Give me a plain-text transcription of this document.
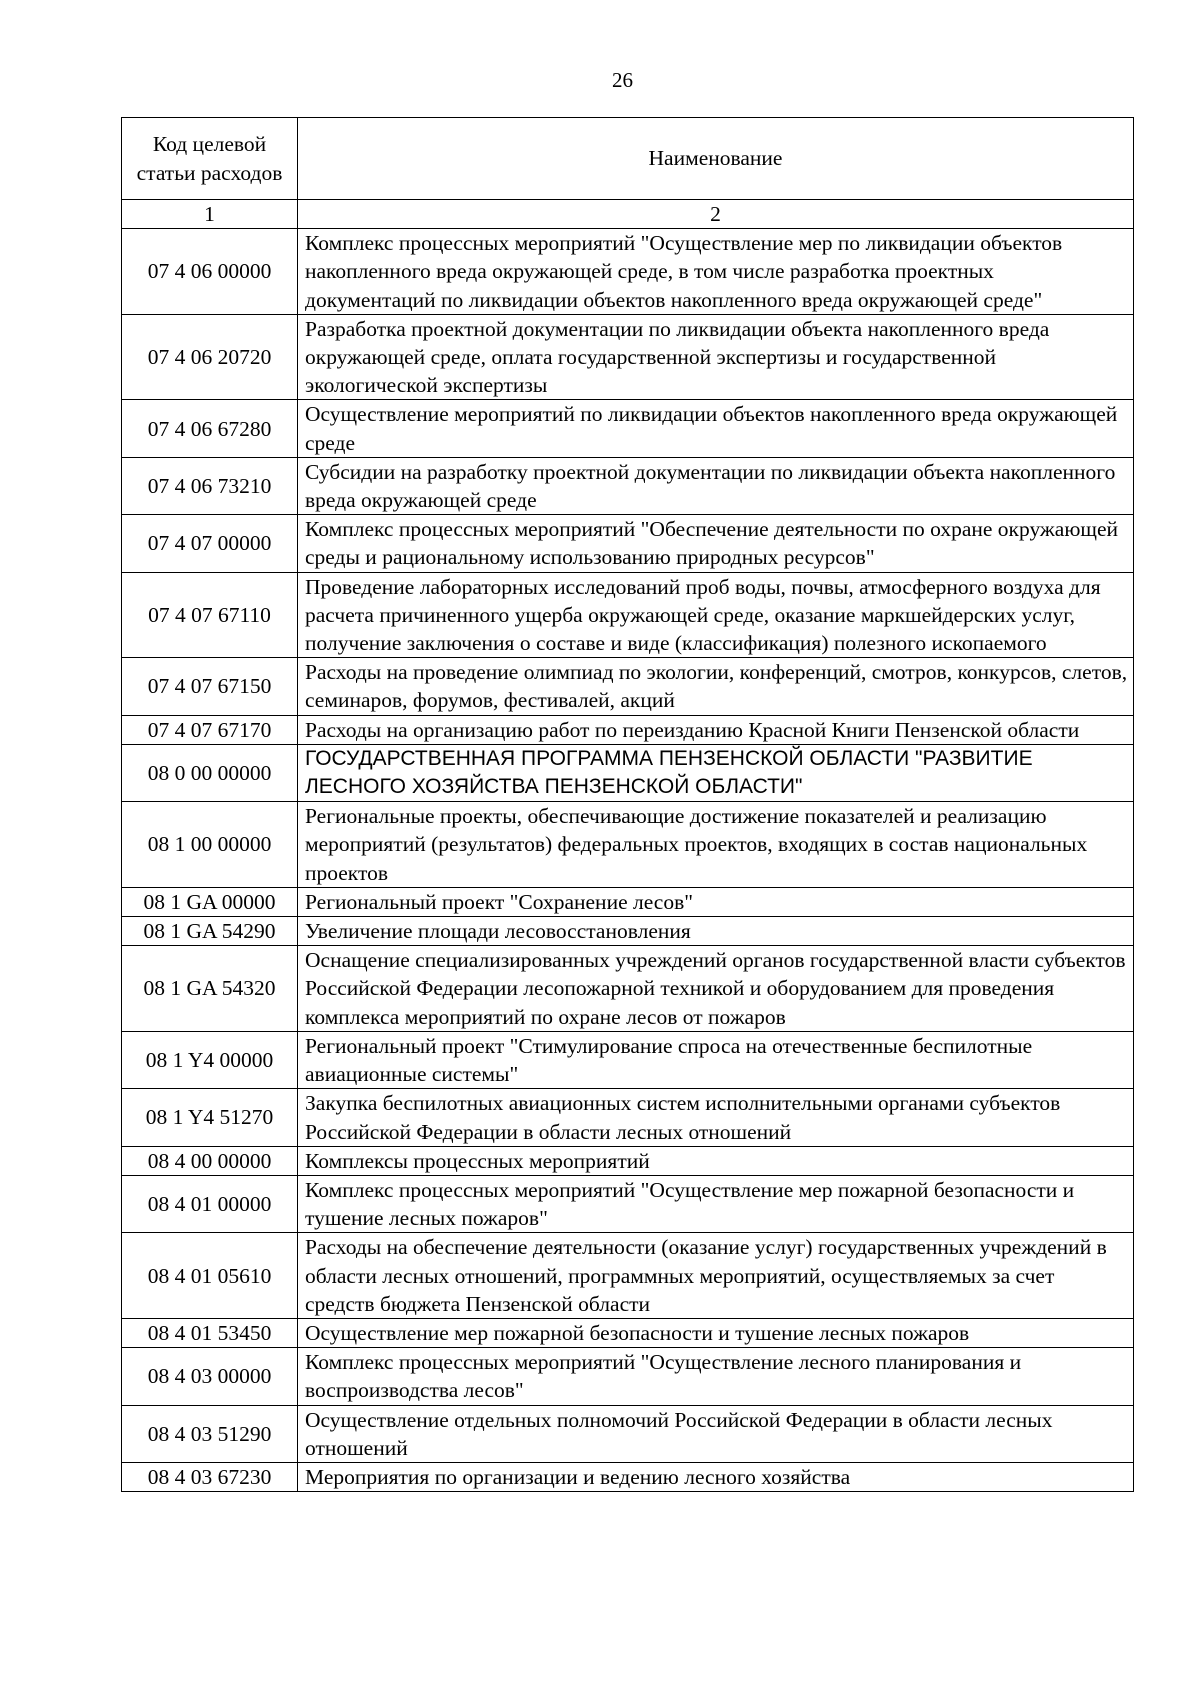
26
Код целевой статьи расходов	Наименование
1	2
07 4 06 00000	Комплекс процессных мероприятий "Осуществление мер по ликвидации объектов накопленного вреда окружающей среде, в том числе разработка проектных документаций по ликвидации объектов накопленного вреда окружающей среде"
07 4 06 20720	Разработка проектной документации по ликвидации объекта накопленного вреда окружающей среде, оплата государственной экспертизы и государственной экологической экспертизы
07 4 06 67280	Осуществление мероприятий по ликвидации объектов накопленного вреда окружающей среде
07 4 06 73210	Субсидии на разработку проектной документации по ликвидации объекта накопленного вреда окружающей среде
07 4 07 00000	Комплекс процессных мероприятий "Обеспечение деятельности по охране окружающей среды и рациональному использованию природных ресурсов"
07 4 07 67110	Проведение лабораторных исследований проб воды, почвы, атмосферного воздуха для расчета причиненного ущерба окружающей среде, оказание маркшейдерских услуг, получение заключения о составе и виде (классификация) полезного ископаемого
07 4 07 67150	Расходы на проведение олимпиад по экологии, конференций, смотров, конкурсов, слетов, семинаров, форумов, фестивалей, акций
07 4 07 67170	Расходы на организацию работ по переизданию Красной Книги Пензенской области
08 0 00 00000	ГОСУДАРСТВЕННАЯ ПРОГРАММА ПЕНЗЕНСКОЙ ОБЛАСТИ "РАЗВИТИЕ ЛЕСНОГО ХОЗЯЙСТВА ПЕНЗЕНСКОЙ ОБЛАСТИ"
08 1 00 00000	Региональные проекты, обеспечивающие достижение показателей и реализацию мероприятий (результатов) федеральных проектов, входящих в состав национальных проектов
08 1 GA 00000	Региональный проект "Сохранение лесов"
08 1 GA 54290	Увеличение площади лесовосстановления
08 1 GA 54320	Оснащение специализированных учреждений органов государственной власти субъектов Российской Федерации лесопожарной техникой и оборудованием для проведения комплекса мероприятий по охране лесов от пожаров
08 1 Y4 00000	Региональный проект "Стимулирование спроса на отечественные беспилотные авиационные системы"
08 1 Y4 51270	Закупка беспилотных авиационных систем исполнительными органами субъектов Российской Федерации в области лесных отношений
08 4 00 00000	Комплексы процессных мероприятий
08 4 01 00000	Комплекс процессных мероприятий "Осуществление мер пожарной безопасности и тушение лесных пожаров"
08 4 01 05610	Расходы на обеспечение деятельности (оказание услуг) государственных учреждений в области лесных отношений, программных мероприятий, осуществляемых за счет средств бюджета Пензенской области
08 4 01 53450	Осуществление мер пожарной безопасности и тушение лесных пожаров
08 4 03 00000	Комплекс процессных мероприятий "Осуществление лесного планирования и воспроизводства лесов"
08 4 03 51290	Осуществление отдельных полномочий Российской Федерации в области лесных отношений
08 4 03 67230	Мероприятия по организации и ведению лесного хозяйства
